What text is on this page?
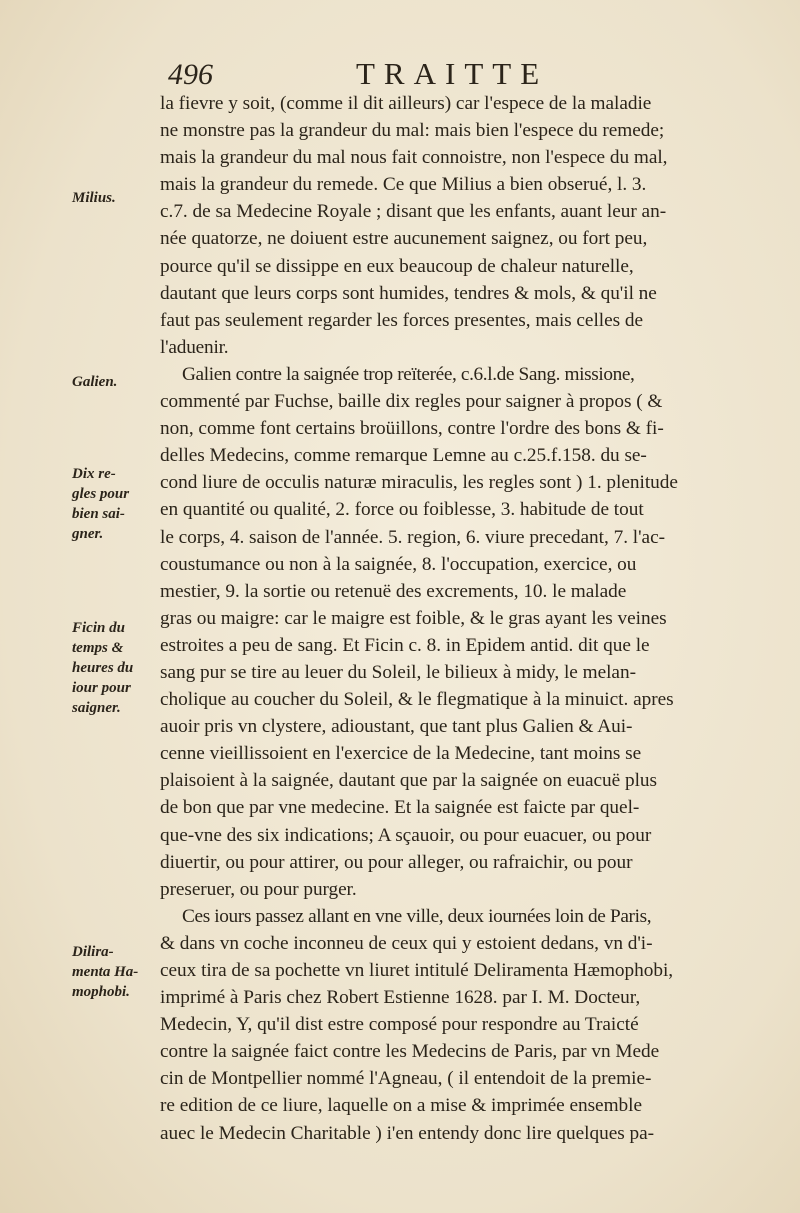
496	TRAITTE
Milius.
Galien.
Dix re-
gles pour
bien sai-
gner.
Ficin du
temps &
heures du
iour pour
saigner.
Dilira-
menta Ha-
mophobi.
la fievre y soit, (comme il dit ailleurs) car l'espece de la maladie
ne monstre pas la grandeur du mal: mais bien l'espece du remede;
mais la grandeur du mal nous fait connoistre, non l'espece du mal,
mais la grandeur du remede. Ce que Milius a bien obserué, l. 3.
c.7. de sa Medecine Royale ; disant que les enfants, auant leur an-
née quatorze, ne doiuent estre aucunement saignez, ou fort peu,
pource qu'il se dissippe en eux beaucoup de chaleur naturelle,
dautant que leurs corps sont humides, tendres & mols, & qu'il ne
faut pas seulement regarder les forces presentes, mais celles de
l'aduenir.
Galien contre la saignée trop reïterée, c.6.l.de Sang. missione,
commenté par Fuchse, baille dix regles pour saigner à propos ( &
non, comme font certains broüillons, contre l'ordre des bons & fi-
delles Medecins, comme remarque Lemne au c.25.f.158. du se-
cond liure de occulis naturæ miraculis, les regles sont ) 1. plenitude
en quantité ou qualité, 2. force ou foiblesse, 3. habitude de tout
le corps, 4. saison de l'année. 5. region, 6. viure precedant, 7. l'ac-
coustumance ou non à la saignée, 8. l'occupation, exercice, ou
mestier, 9. la sortie ou retenuë des excrements, 10. le malade
gras ou maigre: car le maigre est foible, & le gras ayant les veines
estroites a peu de sang. Et Ficin c. 8. in Epidem antid. dit que le
sang pur se tire au leuer du Soleil, le bilieux à midy, le melan-
cholique au coucher du Soleil, & le flegmatique à la minuict. apres
auoir pris vn clystere, adioustant, que tant plus Galien & Aui-
cenne vieillissoient en l'exercice de la Medecine, tant moins se
plaisoient à la saignée, dautant que par la saignée on euacuë plus
de bon que par vne medecine. Et la saignée est faicte par quel-
que-vne des six indications; A sçauoir, ou pour euacuer, ou pour
diuertir, ou pour attirer, ou pour alleger, ou rafraichir, ou pour
preseruer, ou pour purger.
Ces iours passez allant en vne ville, deux iournées loin de Paris,
& dans vn coche inconneu de ceux qui y estoient dedans, vn d'i-
ceux tira de sa pochette vn liuret intitulé Deliramenta Hæmophobi,
imprimé à Paris chez Robert Estienne 1628. par I. M. Docteur,
Medecin, Y, qu'il dist estre composé pour respondre au Traicté
contre la saignée faict contre les Medecins de Paris, par vn Mede
cin de Montpellier nommé l'Agneau, ( il entendoit de la premie-
re edition de ce liure, laquelle on a mise & imprimée ensemble
auec le Medecin Charitable ) i'en entendy donc lire quelques pa-
